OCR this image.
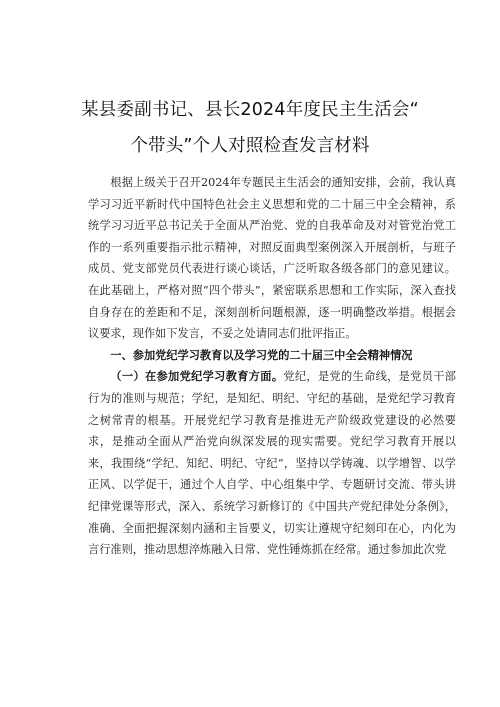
某县委副书记、县长2024年度民主生活会“
个带头”个人对照检查发言材料

根据上级关于召开2024年专题民主生活会的通知安排，会前，我认真学习习近平新时代中国特色社会主义思想和党的二十届三中全会精神，系统学习习近平总书记关于全面从严治党、党的自我革命及对对管党治党工作的一系列重要指示批示精神，对照反面典型案例深入开展剖析，与班子成员、党支部党员代表进行谈心谈话，广泛听取各级各部门的意见建议。在此基础上，严格对照“四个带头”，紧密联系思想和工作实际，深入查找自身存在的差距和不足，深刻剖析问题根源，逐一明确整改举措。根据会议要求，现作如下发言，不妥之处请同志们批评指正。

一、参加党纪学习教育以及学习党的二十届三中全会精神情况

（一）在参加党纪学习教育方面。党纪，是党的生命线，是党员干部行为的准则与规范；学纪，是知纪、明纪、守纪的基础，是党纪学习教育之树常青的根基。开展党纪学习教育是推进无产阶级政党建设的必然要求，是推动全面从严治党向纵深发展的现实需要。党纪学习教育开展以来，我围绕“学纪、知纪、明纪、守纪”，坚持以学铸魂、以学增智、以学正风、以学促干，通过个人自学、中心组集中学、专题研讨交流、带头讲纪律党课等形式，深入、系统学习新修订的《中国共产党纪律处分条例》，准确、全面把握深刻内涵和主旨要义，切实让遵规守纪刻印在心，内化为言行准则，推动思想淬炼融入日常、党性锤炼抓在经常。通过参加此次党
